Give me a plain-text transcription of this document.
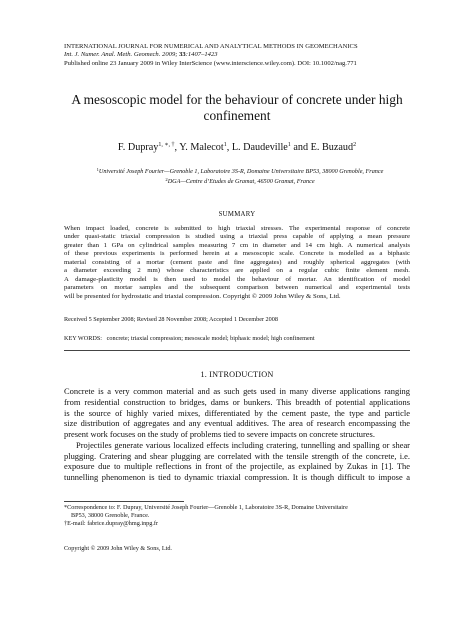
INTERNATIONAL JOURNAL FOR NUMERICAL AND ANALYTICAL METHODS IN GEOMECHANICS
Int. J. Numer. Anal. Meth. Geomech. 2009; 33:1407–1423
Published online 23 January 2009 in Wiley InterScience (www.interscience.wiley.com). DOI: 10.1002/nag.771
A mesoscopic model for the behaviour of concrete under high
confinement
F. Dupray$^{1, ∗, \dagger}$, Y. Malecot$^1$, L. Daudeville$^1$ and E. Buzaud$^2$
$^1$Université Joseph Fourier—Grenoble 1, Laboratoire 3S-R, Domaine Universitaire BP53, 38000 Grenoble, France
$^2$DGA—Centre d’Etudes de Gramat, 46500 Gramat, France
SUMMARY
When impact loaded, concrete is submitted to high triaxial stresses. The experimental response of concrete
under quasi-static triaxial compression is studied using a triaxial press capable of applying a mean pressure
greater than 1 GPa on cylindrical samples measuring 7 cm in diameter and 14 cm high. A numerical analysis
of these previous experiments is performed herein at a mesoscopic scale. Concrete is modelled as a biphasic
material consisting of a mortar (cement paste and fine aggregates) and roughly spherical aggregates (with
a diameter exceeding 2 mm) whose characteristics are applied on a regular cubic finite element mesh.
A damage-plasticity model is then used to model the behaviour of mortar. An identification of model
parameters on mortar samples and the subsequent comparison between numerical and experimental tests
will be presented for hydrostatic and triaxial compression. Copyright © 2009 John Wiley & Sons, Ltd.
Received 5 September 2008; Revised 28 November 2008; Accepted 1 December 2008
KEY WORDS: concrete; triaxial compression; mesoscale model; biphasic model; high confinement
1. INTRODUCTION
Concrete is a very common material and as such gets used in many diverse applications ranging
from residential construction to bridges, dams or bunkers. This breadth of potential applications
is the source of highly varied mixes, differentiated by the cement paste, the type and particle
size distribution of aggregates and any eventual additives. The area of research encompassing the
present work focuses on the study of problems tied to severe impacts on concrete structures.
Projectiles generate various localized effects including cratering, tunnelling and spalling or shear
plugging. Cratering and shear plugging are correlated with the tensile strength of the concrete, i.e.
exposure due to multiple reflections in front of the projectile, as explained by Zukas in [1]. The
tunnelling phenomenon is tied to dynamic triaxial compression. It is though difficult to impose a
*Correspondence to: F. Dupray, Université Joseph Fourier—Grenoble 1, Laboratoire 3S-R, Domaine Universitaire
BP53, 38000 Grenoble, France.
†E-mail: fabrice.dupray@hmg.inpg.fr
Copyright © 2009 John Wiley & Sons, Ltd.
